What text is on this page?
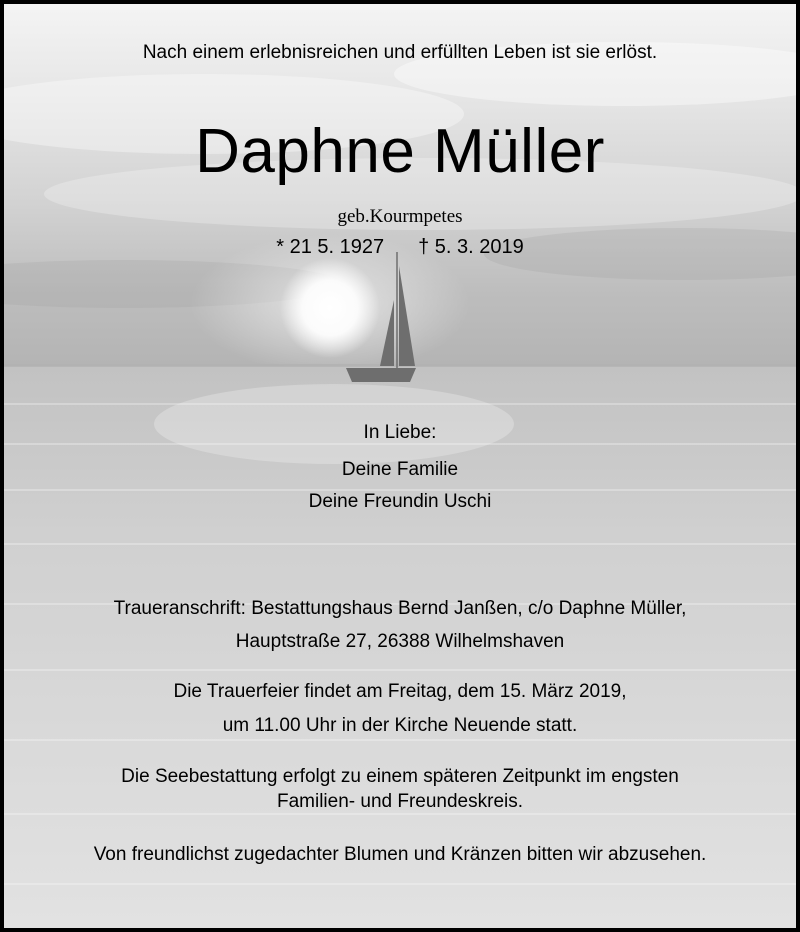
Nach einem erlebnisreichen und erfüllten Leben ist sie erlöst.
Daphne Müller
geb.Kourmpetes
* 21 5. 1927 † 5. 3. 2019
In Liebe:
Deine Familie
Deine Freundin Uschi
Traueranschrift: Bestattungshaus Bernd Janßen, c/o Daphne Müller,
Hauptstraße 27, 26388 Wilhelmshaven
Die Trauerfeier findet am Freitag, dem 15. März 2019,
um 11.00 Uhr in der Kirche Neuende statt.
Die Seebestattung erfolgt zu einem späteren Zeitpunkt im engsten
Familien- und Freundeskreis.
Von freundlichst zugedachter Blumen und Kränzen bitten wir abzusehen.
